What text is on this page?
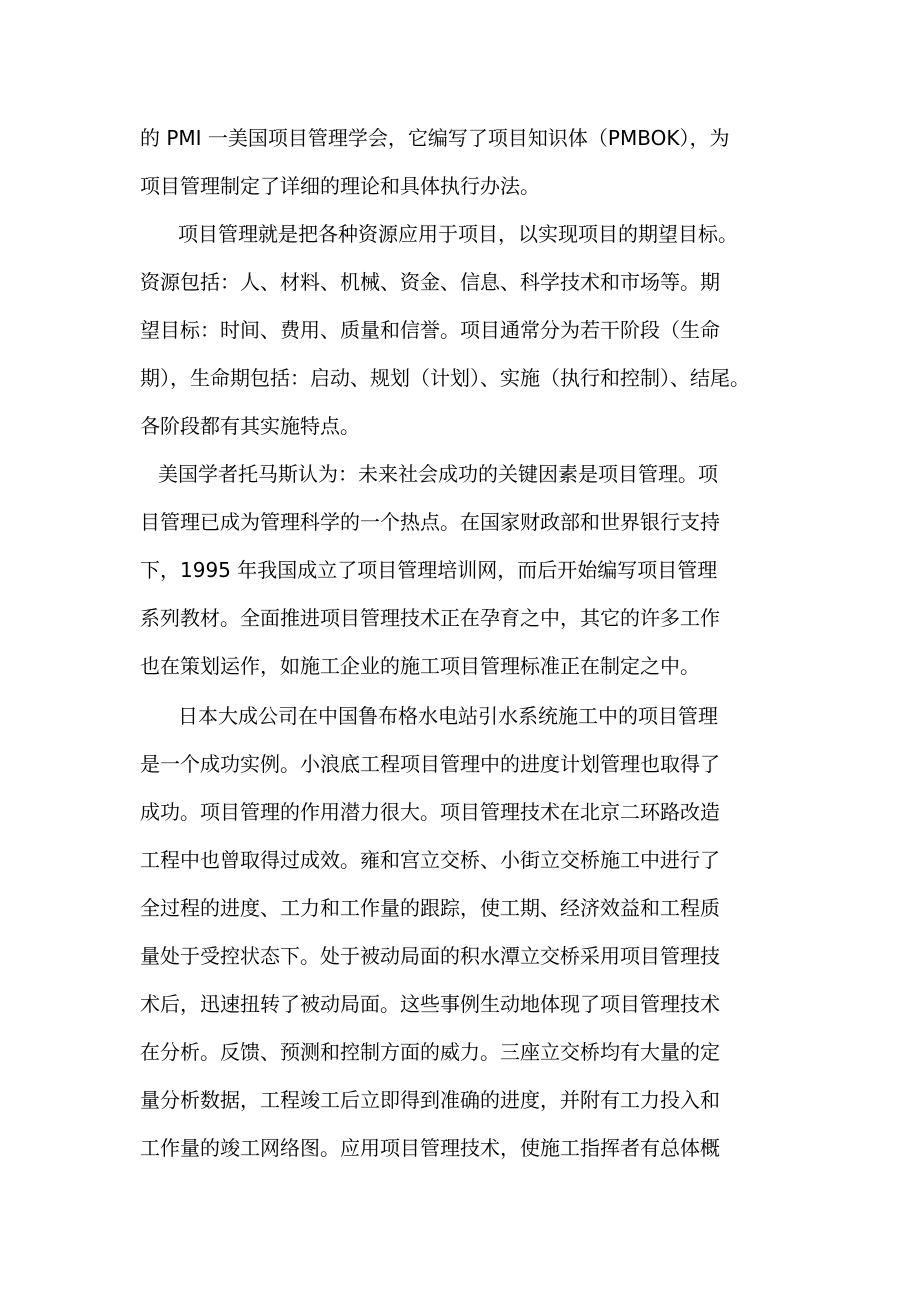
的 PMI 一美国项目管理学会，它编写了项目知识体（PMBOK），为
项目管理制定了详细的理论和具体执行办法。
项目管理就是把各种资源应用于项目，以实现项目的期望目标。
资源包括：人、材料、机械、资金、信息、科学技术和市场等。期
望目标：时间、费用、质量和信誉。项目通常分为若干阶段（生命
期），生命期包括：启动、规划（计划）、实施（执行和控制）、结尾。
各阶段都有其实施特点。
美国学者托马斯认为：未来社会成功的关键因素是项目管理。项
目管理已成为管理科学的一个热点。在国家财政部和世界银行支持
下，1995 年我国成立了项目管理培训网，而后开始编写项目管理
系列教材。全面推进项目管理技术正在孕育之中，其它的许多工作
也在策划运作，如施工企业的施工项目管理标准正在制定之中。
日本大成公司在中国鲁布格水电站引水系统施工中的项目管理
是一个成功实例。小浪底工程项目管理中的进度计划管理也取得了
成功。项目管理的作用潜力很大。项目管理技术在北京二环路改造
工程中也曾取得过成效。雍和宫立交桥、小街立交桥施工中进行了
全过程的进度、工力和工作量的跟踪，使工期、经济效益和工程质
量处于受控状态下。处于被动局面的积水潭立交桥采用项目管理技
术后，迅速扭转了被动局面。这些事例生动地体现了项目管理技术
在分析。反馈、预测和控制方面的威力。三座立交桥均有大量的定
量分析数据，工程竣工后立即得到准确的进度，并附有工力投入和
工作量的竣工网络图。应用项目管理技术，使施工指挥者有总体概
